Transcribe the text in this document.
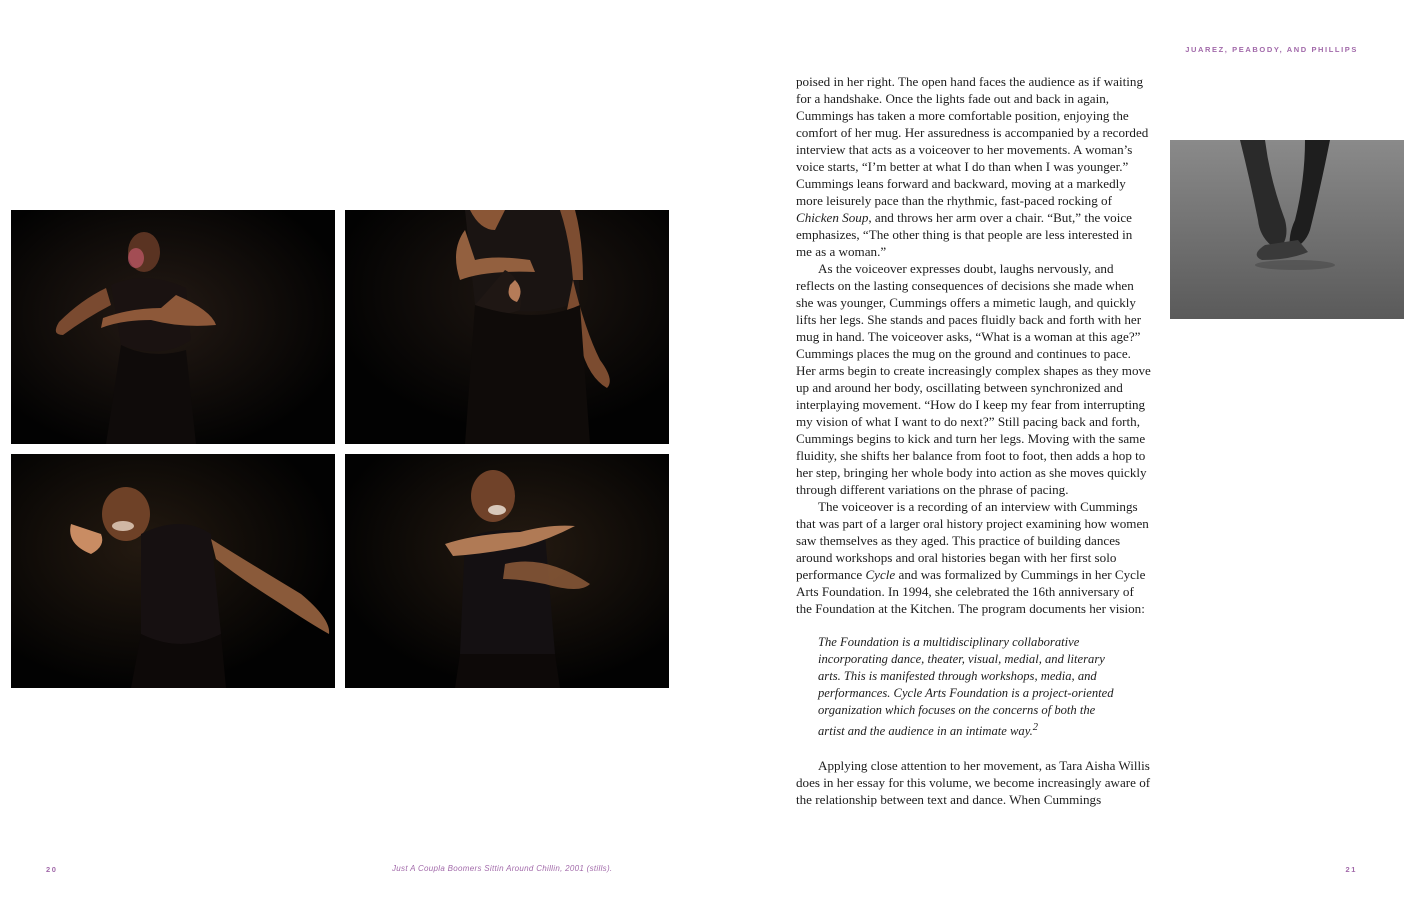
JUAREZ, PEABODY, AND PHILLIPS

poised in her right. The open hand faces the audience as if waiting for a handshake. Once the lights fade out and back in again, Cummings has taken a more comfortable position, enjoying the comfort of her mug. Her assuredness is accompanied by a recorded interview that acts as a voiceover to her movements. A woman’s voice starts, “I’m better at what I do than when I was younger.” Cummings leans forward and backward, moving at a markedly more leisurely pace than the rhythmic, fast-paced rocking of Chicken Soup, and throws her arm over a chair. “But,” the voice emphasizes, “The other thing is that people are less interested in me as a woman.”

As the voiceover expresses doubt, laughs nervously, and reflects on the lasting consequences of decisions she made when she was younger, Cummings offers a mimetic laugh, and quickly lifts her legs. She stands and paces fluidly back and forth with her mug in hand. The voiceover asks, “What is a woman at this age?” Cummings places the mug on the ground and continues to pace. Her arms begin to create increasingly complex shapes as they move up and around her body, oscillating between synchronized and interplaying movement. “How do I keep my fear from interrupting my vision of what I want to do next?” Still pacing back and forth, Cummings begins to kick and turn her legs. Moving with the same fluidity, she shifts her balance from foot to foot, then adds a hop to her step, bringing her whole body into action as she moves quickly through different variations on the phrase of pacing.

The voiceover is a recording of an interview with Cummings that was part of a larger oral history project examining how women saw themselves as they aged. This practice of building dances around workshops and oral histories began with her first solo performance Cycle and was formalized by Cummings in her Cycle Arts Foundation. In 1994, she celebrated the 16th anniversary of the Foundation at the Kitchen. The program documents her vision:

The Foundation is a multidisciplinary collaborative incorporating dance, theater, visual, medial, and literary arts. This is manifested through workshops, media, and performances. Cycle Arts Foundation is a project-oriented organization which focuses on the concerns of both the artist and the audience in an intimate way.$^2$

Applying close attention to her movement, as Tara Aisha Willis does in her essay for this volume, we become increasingly aware of the relationship between text and dance. When Cummings

20	Just A Coupla Boomers Sittin Around Chillin, 2001 (stills).	21
